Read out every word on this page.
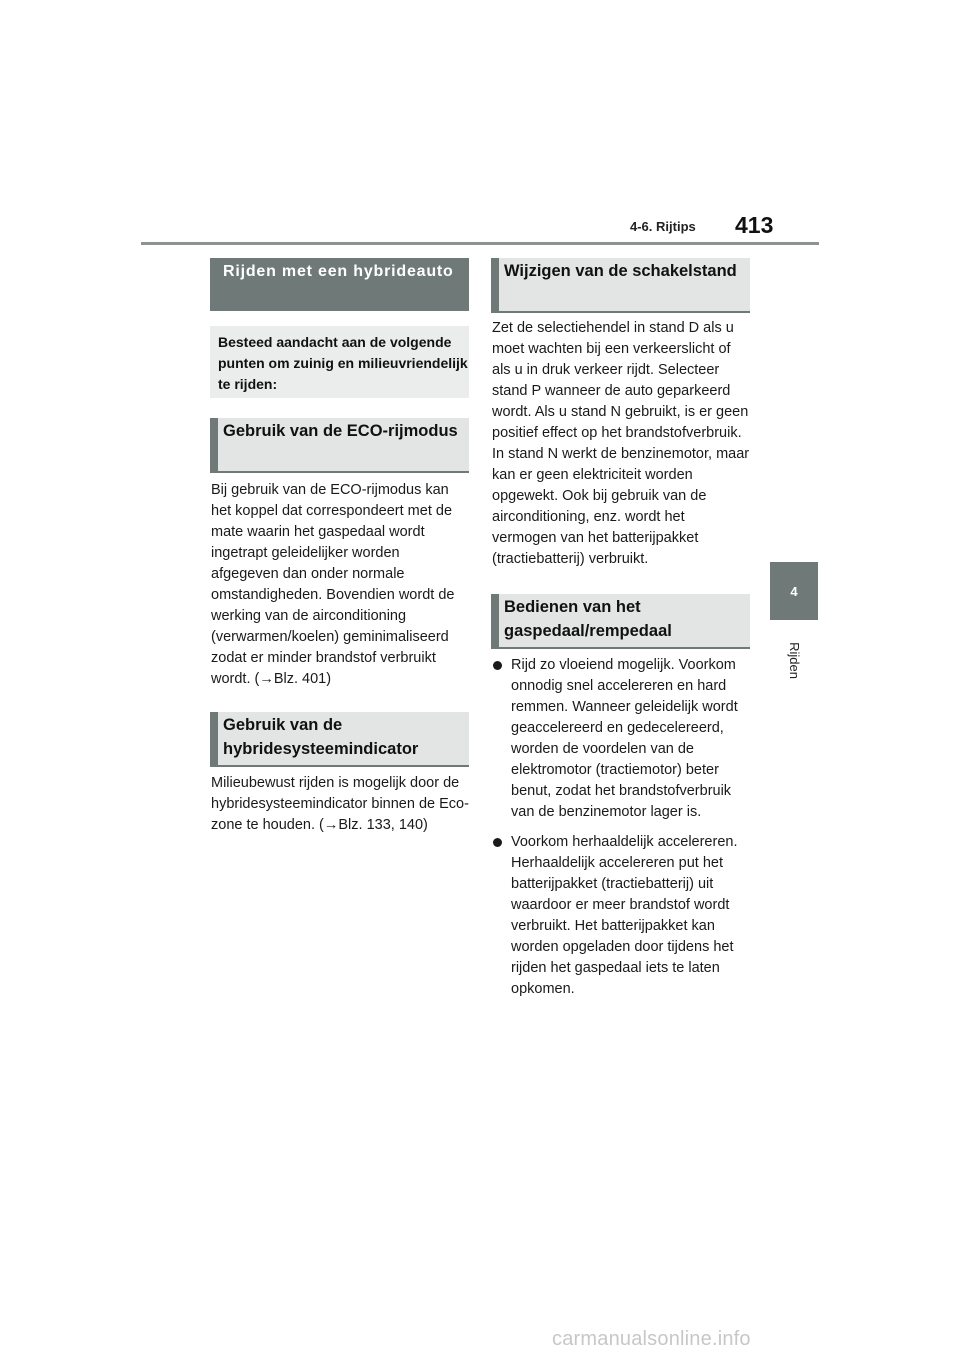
4-6. Rijtips 413
4
Rijden
Rijden met een hybrideauto
Besteed aandacht aan de volgende punten om zuinig en milieuvriendelijk te rijden:
Gebruik van de ECO-rijmodus
Bij gebruik van de ECO-rijmodus kan het koppel dat correspondeert met de mate waarin het gaspedaal wordt ingetrapt geleidelijker worden afgegeven dan onder normale omstandigheden. Bovendien wordt de werking van de airconditioning (verwarmen/koelen) geminimaliseerd zodat er minder brandstof verbruikt wordt. (→Blz. 401)
Gebruik van de hybridesysteemindicator
Milieubewust rijden is mogelijk door de hybridesysteemindicator binnen de Eco-zone te houden. (→Blz. 133, 140)
Wijzigen van de schakelstand
Zet de selectiehendel in stand D als u moet wachten bij een verkeerslicht of als u in druk verkeer rijdt. Selecteer stand P wanneer de auto geparkeerd wordt. Als u stand N gebruikt, is er geen positief effect op het brandstofverbruik. In stand N werkt de benzinemotor, maar kan er geen elektriciteit worden opgewekt. Ook bij gebruik van de airconditioning, enz. wordt het vermogen van het batterijpakket (tractiebatterij) verbruikt.
Bedienen van het gaspedaal/rempedaal
Rijd zo vloeiend mogelijk. Voorkom onnodig snel accelereren en hard remmen. Wanneer geleidelijk wordt geaccelereerd en gedecelereerd, worden de voordelen van de elektromotor (tractiemotor) beter benut, zodat het brandstofverbruik van de benzinemotor lager is.
Voorkom herhaaldelijk accelereren. Herhaaldelijk accelereren put het batterijpakket (tractiebatterij) uit waardoor er meer brandstof wordt verbruikt. Het batterijpakket kan worden opgeladen door tijdens het rijden het gaspedaal iets te laten opkomen.
carmanualsonline.info
